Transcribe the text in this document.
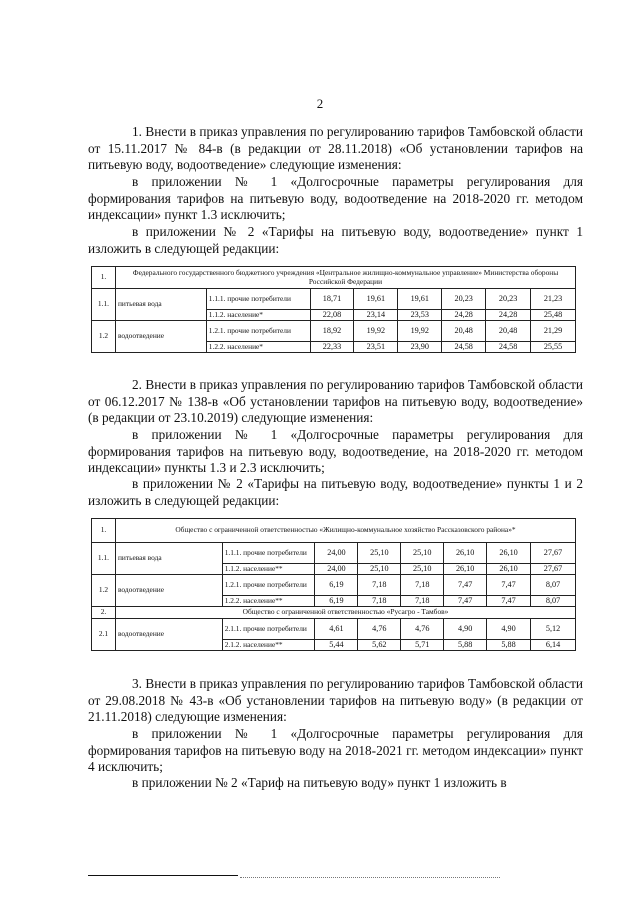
2

1. Внести в приказ управления по регулированию тарифов Тамбовской области от 15.11.2017 № 84-в (в редакции от 28.11.2018) «Об установлении тарифов на питьевую воду, водоотведение» следующие изменения:

в приложении № 1 «Долгосрочные параметры регулирования для формирования тарифов на питьевую воду, водоотведение на 2018-2020 гг. методом индексации» пункт 1.3 исключить;

в приложении № 2 «Тарифы на питьевую воду, водоотведение» пункт 1 изложить в следующей редакции:

1.	Федерального государственного бюджетного учреждения «Центральное жилищно-коммунальное управление» Министерства обороны Российской Федерации							
1.1.	питьевая вода	1.1.1. прочие потребители	18,71	19,61	19,61	20,23	20,23	21,23
		1.1.2. население*	22,08	23,14	23,53	24,28	24,28	25,48
1.2	водоотведение	1.2.1. прочие потребители	18,92	19,92	19,92	20,48	20,48	21,29
		1.2.2. население*	22,33	23,51	23,90	24,58	24,58	25,55

2. Внести в приказ управления по регулированию тарифов Тамбовской области от 06.12.2017 № 138-в «Об установлении тарифов на питьевую воду, водоотведение» (в редакции от 23.10.2019) следующие изменения:

в приложении № 1 «Долгосрочные параметры регулирования для формирования тарифов на питьевую воду, водоотведение, на 2018-2020 гг. методом индексации» пункты 1.3 и 2.3 исключить;

в приложении № 2 «Тарифы на питьевую воду, водоотведение» пункты 1 и 2 изложить в следующей редакции:

1.	Общество с ограниченной ответственностью «Жилищно-коммунальное хозяйство Рассказовского района»*							
1.1.	питьевая вода	1.1.1. прочие потребители	24,00	25,10	25,10	26,10	26,10	27,67
		1.1.2. население**	24,00	25,10	25,10	26,10	26,10	27,67
1.2	водоотведение	1.2.1. прочие потребители	6,19	7,18	7,18	7,47	7,47	8,07
		1.2.2. население**	6,19	7,18	7,18	7,47	7,47	8,07
2.	Общество с ограниченной ответственностью «Русагро - Тамбов»							
2.1	водоотведение	2.1.1. прочие потребители	4,61	4,76	4,76	4,90	4,90	5,12
		2.1.2. население**	5,44	5,62	5,71	5,88	5,88	6,14

3. Внести в приказ управления по регулированию тарифов Тамбовской области от 29.08.2018 № 43-в «Об установлении тарифов на питьевую воду» (в редакции от 21.11.2018) следующие изменения:

в приложении № 1 «Долгосрочные параметры регулирования для формирования тарифов на питьевую воду на 2018-2021 гг. методом индексации» пункт 4 исключить;

в приложении № 2 «Тариф на питьевую воду» пункт 1 изложить в
